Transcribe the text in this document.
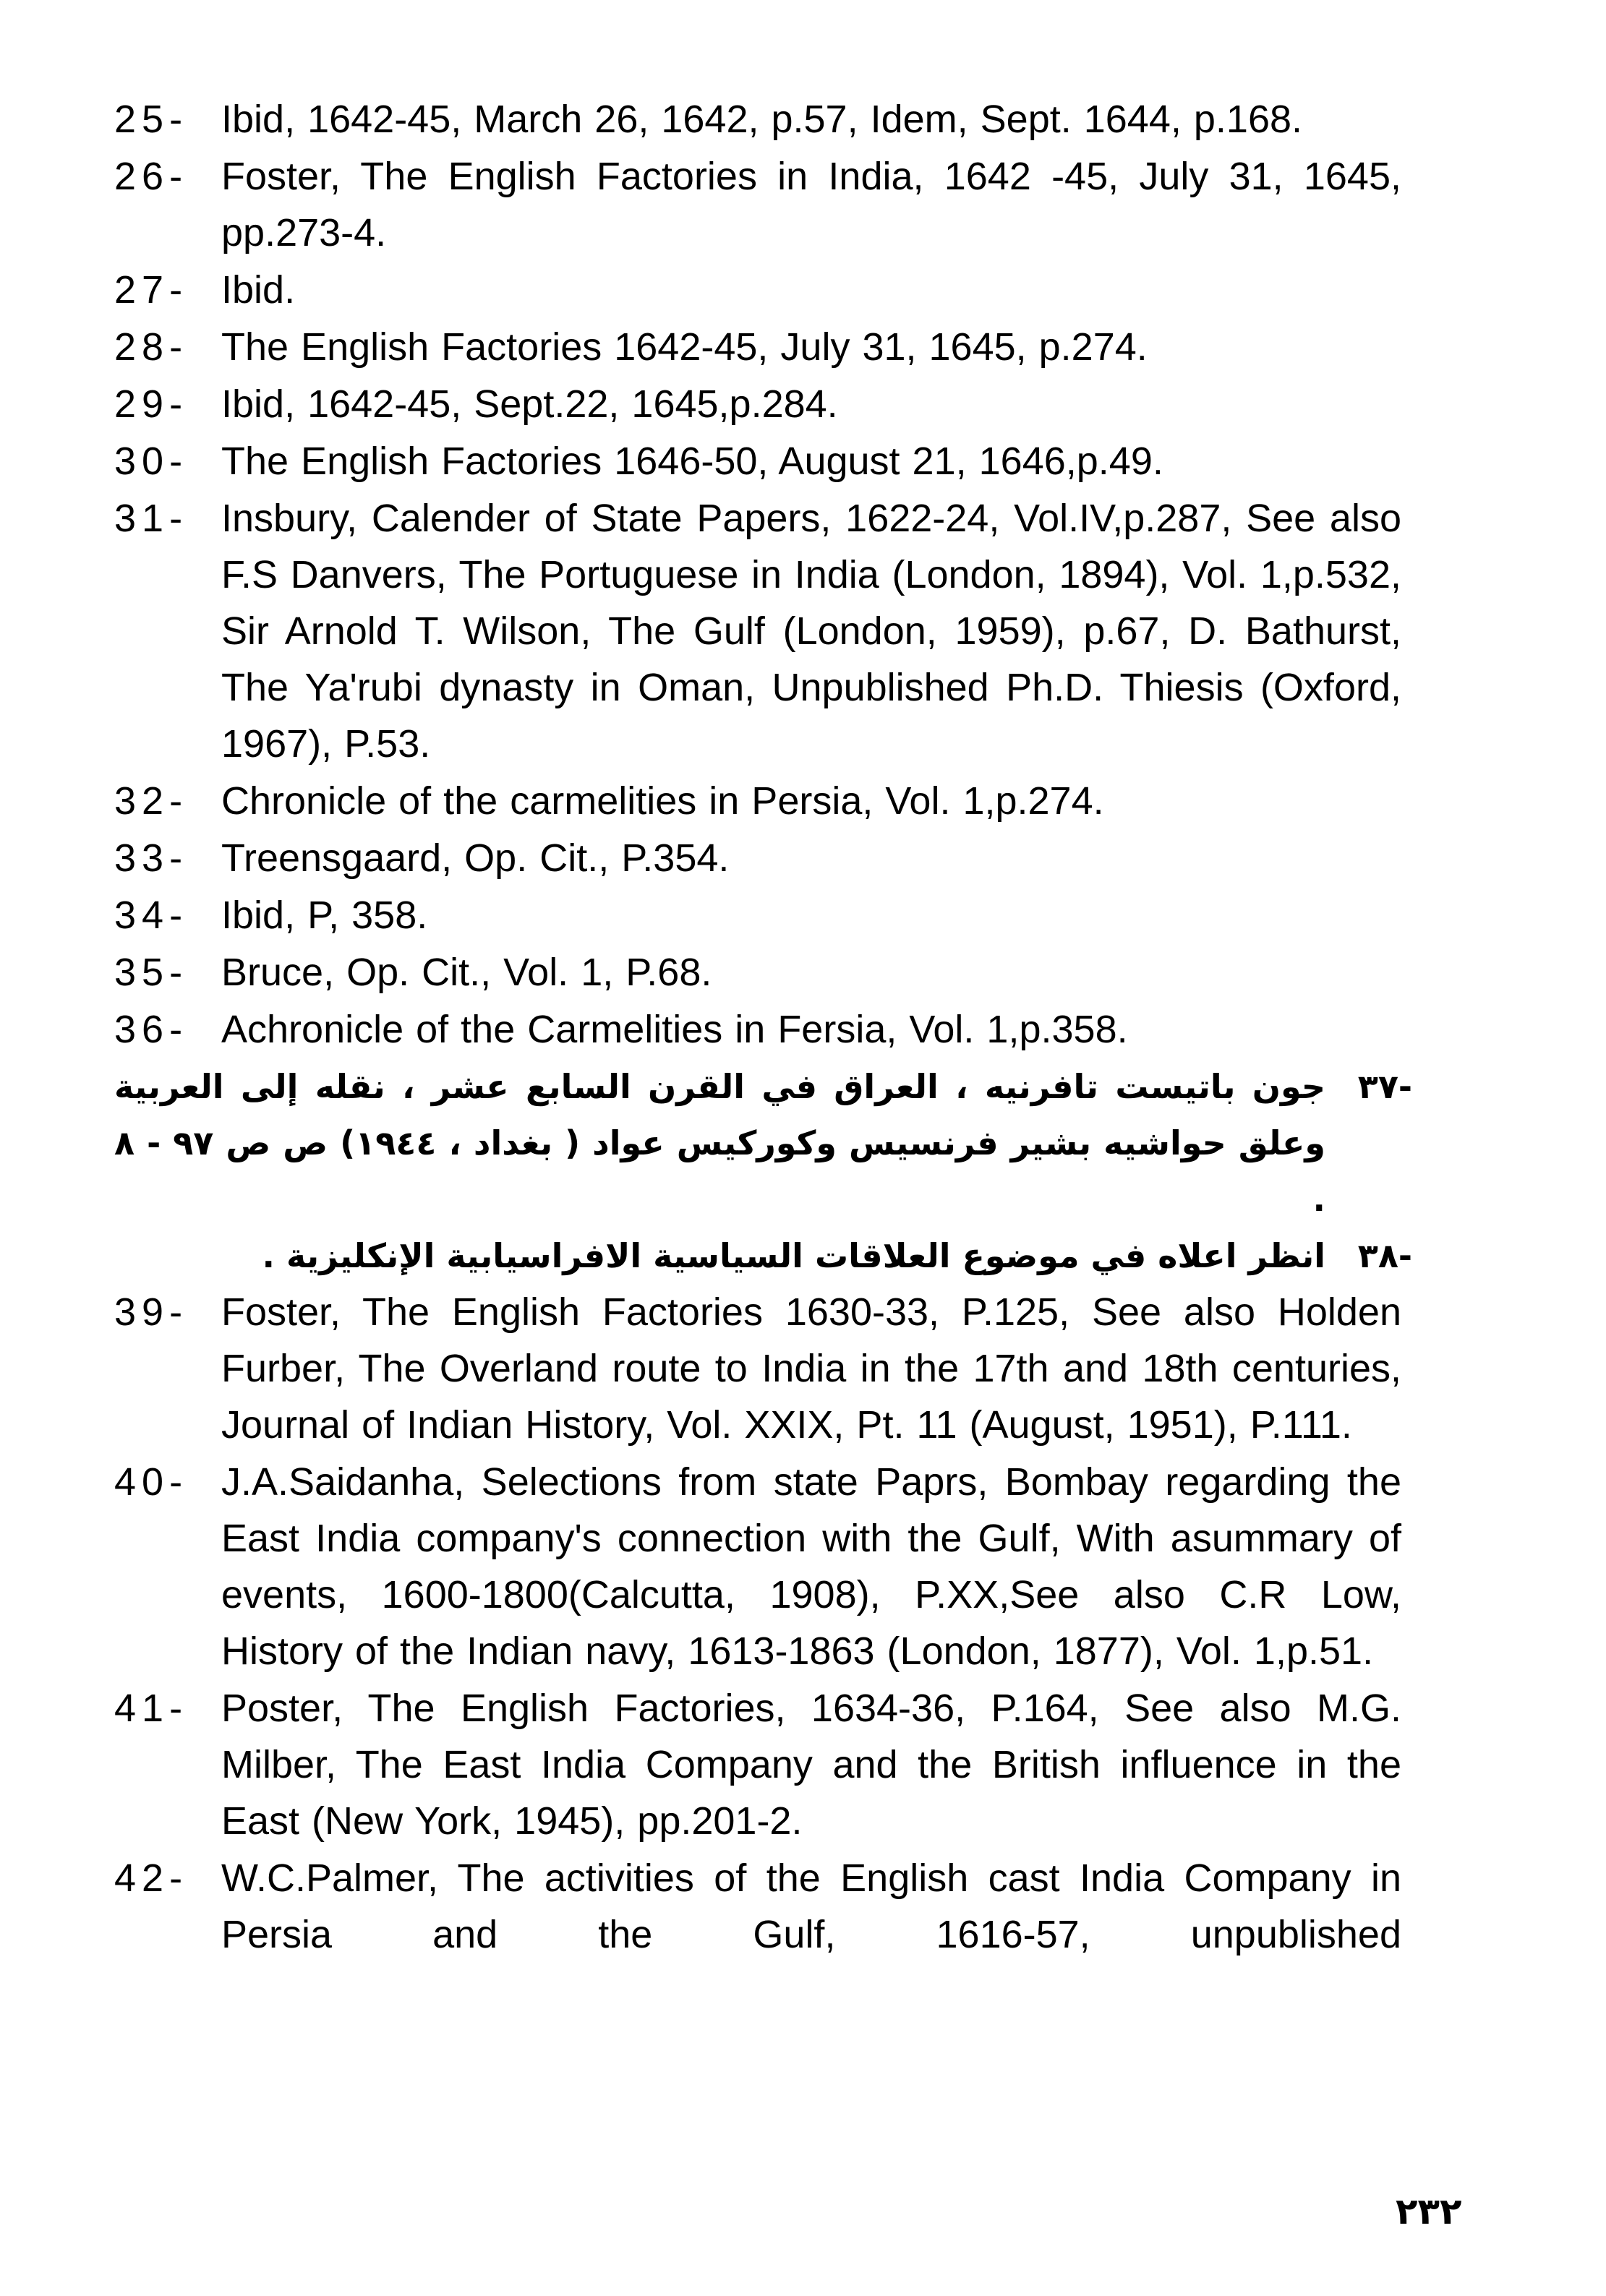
25- Ibid, 1642-45, March 26, 1642, p.57, Idem, Sept. 1644, p.168.
26- Foster, The English Factories in India, 1642 -45, July 31, 1645, pp.273-4.
27- Ibid.
28- The English Factories 1642-45, July 31, 1645, p.274.
29- Ibid, 1642-45, Sept.22, 1645,p.284.
30- The English Factories 1646-50, August 21, 1646,p.49.
31- Insbury, Calender of State Papers, 1622-24, Vol.IV,p.287, See also F.S Danvers, The Portuguese in India (London, 1894), Vol. 1,p.532, Sir Arnold T. Wilson, The Gulf (London, 1959), p.67, D. Bathurst, The Ya'rubi dynasty in Oman, Unpublished Ph.D. Thiesis (Oxford, 1967), P.53.
32- Chronicle of the carmelities in Persia, Vol. 1,p.274.
33- Treensgaard, Op. Cit., P.354.
34- Ibid, P, 358.
35- Bruce, Op. Cit., Vol. 1, P.68.
36- Achronicle of the Carmelities in Fersia, Vol. 1,p.358.
-٣٧
جون باتيست تافرنيه ، العراق في القرن السابع عشر ، نقله إلى العربية وعلق حواشيه بشير فرنسيس وكوركيس عواد ( بغداد ، ١٩٤٤) ص ص ٩٧ - ٨ .
-٣٨
انظر اعلاه في موضوع العلاقات السياسية الافراسيابية الإنكليزية .
39- Foster, The English Factories 1630-33, P.125, See also Holden Furber, The Overland route to India in the 17th and 18th centuries, Journal of Indian History, Vol. XXIX, Pt. 11 (August, 1951), P.111.
40- J.A.Saidanha, Selections from state Paprs, Bombay regarding the East India company's connection with the Gulf, With asummary of events, 1600-1800(Calcutta, 1908), P.XX,See also C.R Low, History of the Indian navy, 1613-1863 (London, 1877), Vol. 1,p.51.
41- Poster, The English Factories, 1634-36, P.164, See also M.G. Milber, The East India Company and the British influence in the East (New York, 1945), pp.201-2.
42- W.C.Palmer, The activities of the English cast India Company in Persia and the Gulf, 1616-57, unpublished
٢٣٢
